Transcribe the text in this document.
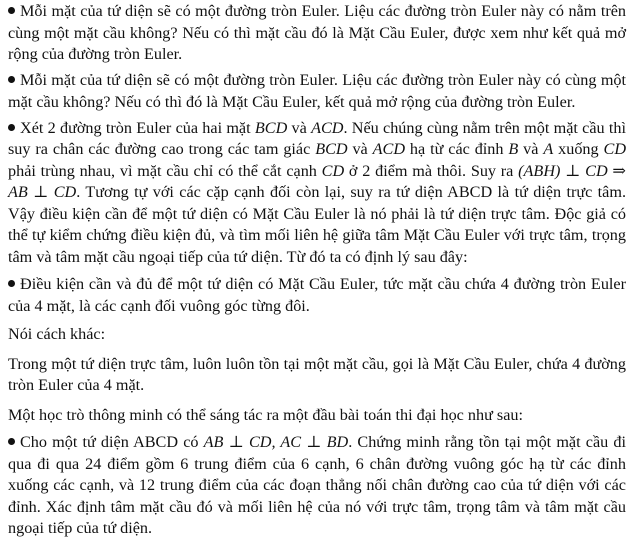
Mỗi mặt của tứ diện sẽ có một đường tròn Euler. Liệu các đường tròn Euler này có nằm trên cùng một mặt cầu không? Nếu có thì mặt cầu đó là Mặt Cầu Euler, được xem như kết quả mở rộng của đường tròn Euler.

Mỗi mặt của tứ diện sẽ có một đường tròn Euler. Liệu các đường tròn Euler này có cùng một mặt cầu không? Nếu có thì đó là Mặt Cầu Euler, kết quả mở rộng của đường tròn Euler.

Xét 2 đường tròn Euler của hai mặt BCD và ACD. Nếu chúng cùng nằm trên một mặt cầu thì suy ra chân các đường cao trong các tam giác BCD và ACD hạ từ các đỉnh B và A xuống CD phải trùng nhau, vì mặt cầu chỉ có thể cắt cạnh CD ở 2 điểm mà thôi. Suy ra (ABH) ⊥ CD ⇒ AB ⊥ CD. Tương tự với các cặp cạnh đối còn lại, suy ra tứ diện ABCD là tứ diện trực tâm. Vậy điều kiện cần để một tứ diện có Mặt Cầu Euler là nó phải là tứ diện trực tâm. Độc giả có thể tự kiểm chứng điều kiện đủ, và tìm mối liên hệ giữa tâm Mặt Cầu Euler với trực tâm, trọng tâm và tâm mặt cầu ngoại tiếp của tứ diện. Từ đó ta có định lý sau đây:

Điều kiện cần và đủ để một tứ diện có Mặt Cầu Euler, tức mặt cầu chứa 4 đường tròn Euler của 4 mặt, là các cạnh đối vuông góc từng đôi.

Nói cách khác:

Trong một tứ diện trực tâm, luôn luôn tồn tại một mặt cầu, gọi là Mặt Cầu Euler, chứa 4 đường tròn Euler của 4 mặt.

Một học trò thông minh có thể sáng tác ra một đầu bài toán thi đại học như sau:

Cho một tứ diện ABCD có AB ⊥ CD, AC ⊥ BD. Chứng minh rằng tồn tại một mặt cầu đi qua đi qua 24 điểm gồm 6 trung điểm của 6 cạnh, 6 chân đường vuông góc hạ từ các đỉnh xuống các cạnh, và 12 trung điểm của các đoạn thẳng nối chân đường cao của tứ diện với các đỉnh. Xác định tâm mặt cầu đó và mối liên hệ của nó với trực tâm, trọng tâm và tâm mặt cầu ngoại tiếp của tứ diện.
